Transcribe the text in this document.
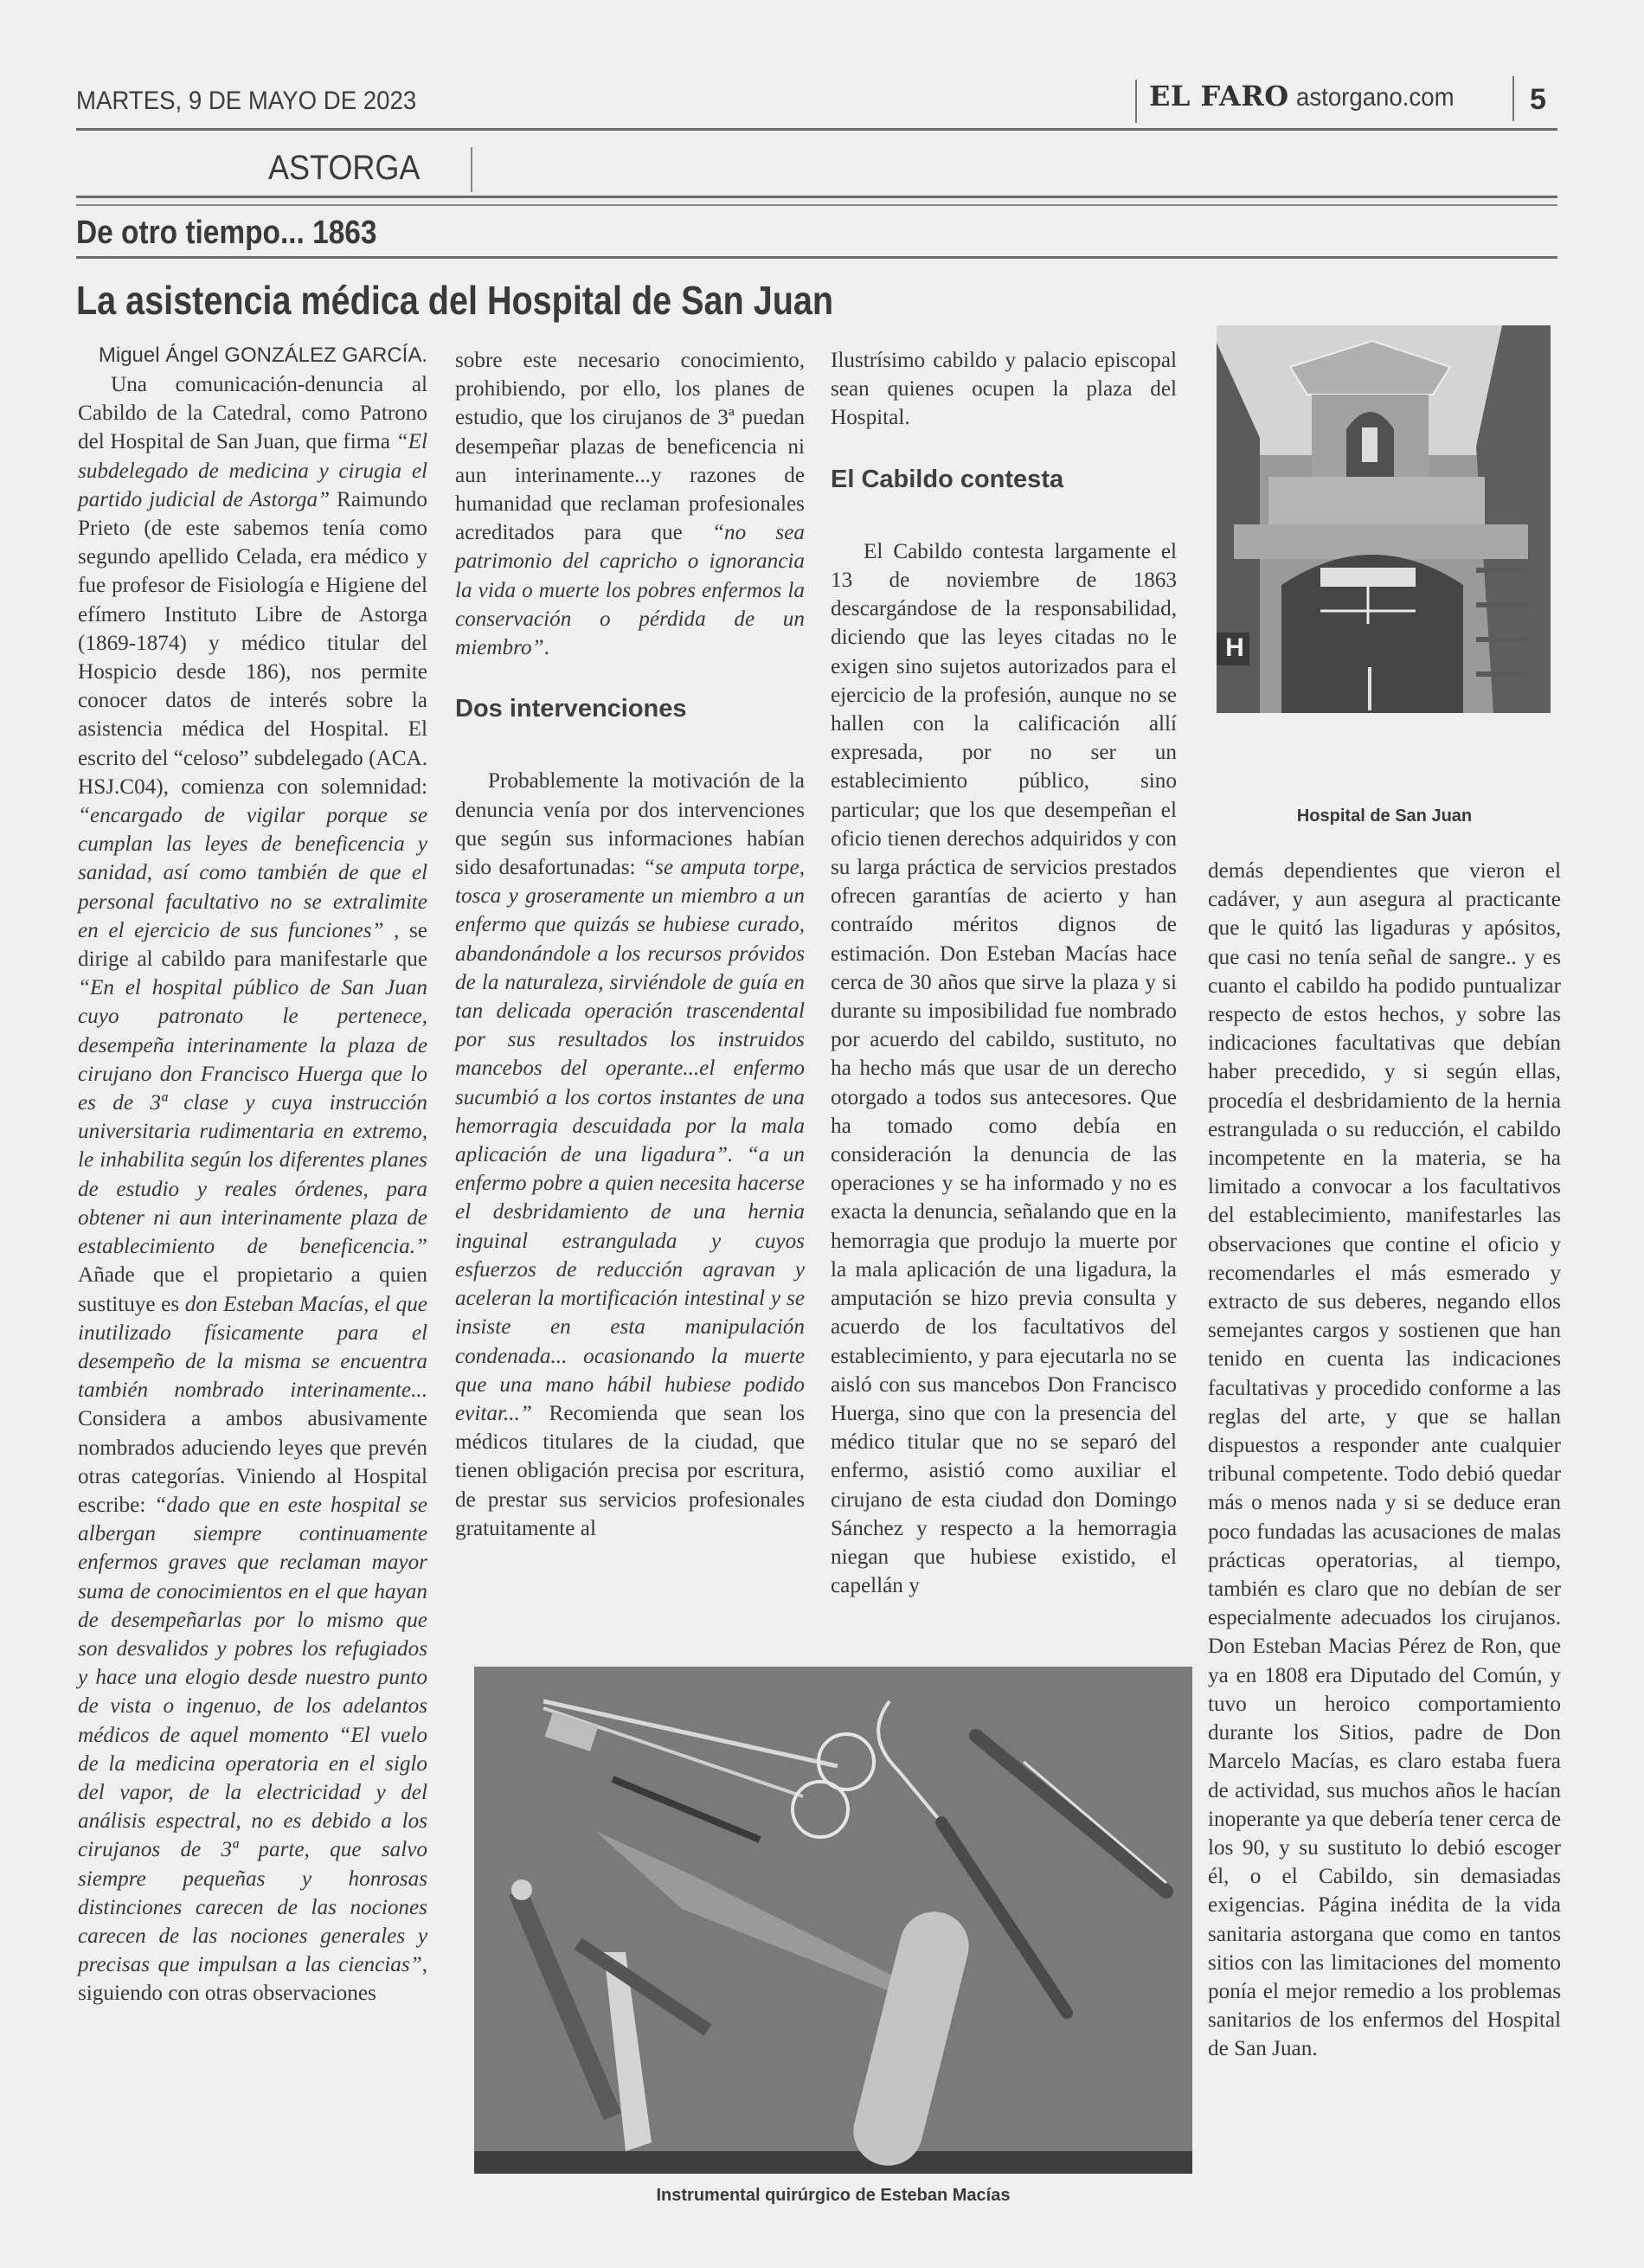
MARTES, 9 DE MAYO DE 2023	EL FARO astorgano.com	5
ASTORGA
De otro tiempo... 1863
La asistencia médica del Hospital de San Juan
Miguel Ángel GONZÁLEZ GARCÍA.

Una comunicación-denuncia al Cabildo de la Catedral, como Patrono del Hospital de San Juan, que firma “El subdelegado de medicina y cirugia el partido judicial de Astorga” Raimundo Prieto (de este sabemos tenía como segundo apellido Celada, era médico y fue profesor de Fisiología e Higiene del efímero Instituto Libre de Astorga (1869-1874) y médico titular del Hospicio desde 186), nos permite conocer datos de interés sobre la asistencia médica del Hospital. El escrito del “celoso” subdelegado (ACA. HSJ.C04), comienza con solemnidad: “encargado de vigilar porque se cumplan las leyes de beneficencia y sanidad, así como también de que el personal facultativo no se extralimite en el ejercicio de sus funciones” , se dirige al cabildo para manifestarle que “En el hospital público de San Juan cuyo patronato le pertenece, desempeña interinamente la plaza de cirujano don Francisco Huerga que lo es de 3ª clase y cuya instrucción universitaria rudimentaria en extremo, le inhabilita según los diferentes planes de estudio y reales órdenes, para obtener ni aun interinamente plaza de establecimiento de beneficencia.” Añade que el propietario a quien sustituye es don Esteban Macías, el que inutilizado físicamente para el desempeño de la misma se encuentra también nombrado interinamente... Considera a ambos abusivamente nombrados aduciendo leyes que prevén otras categorías. Viniendo al Hospital escribe: “dado que en este hospital se albergan siempre continuamente enfermos graves que reclaman mayor suma de conocimientos en el que hayan de desempeñarlas por lo mismo que son desvalidos y pobres los refugiados y hace una elogio desde nuestro punto de vista o ingenuo, de los adelantos médicos de aquel momento “El vuelo de la medicina operatoria en el siglo del vapor, de la electricidad y del análisis espectral, no es debido a los cirujanos de 3ª parte, que salvo siempre pequeñas y honrosas distinciones carecen de las nociones carecen de las nociones generales y precisas que impulsan a las ciencias”, siguiendo con otras observaciones

sobre este necesario conocimiento, prohibiendo, por ello, los planes de estudio, que los cirujanos de 3ª puedan desempeñar plazas de beneficencia ni aun interinamente...y razones de humanidad que reclaman profesionales acreditados para que “no sea patrimonio del capricho o ignorancia la vida o muerte los pobres enfermos la conservación o pérdida de un miembro”.

Dos intervenciones

Probablemente la motivación de la denuncia venía por dos intervenciones que según sus informaciones habían sido desafortunadas: “se amputa torpe, tosca y groseramente un miembro a un enfermo que quizás se hubiese curado, abandonándole a los recursos próvidos de la naturaleza, sirviéndole de guía en tan delicada operación trascendental por sus resultados los instruidos mancebos del operante...el enfermo sucumbió a los cortos instantes de una hemorragia descuidada por la mala aplicación de una ligadura”. “a un enfermo pobre a quien necesita hacerse el desbridamiento de una hernia inguinal estrangulada y cuyos esfuerzos de reducción agravan y aceleran la mortificación intestinal y se insiste en esta manipulación condenada... ocasionando la muerte que una mano hábil hubiese podido evitar...” Recomienda que sean los médicos titulares de la ciudad, que tienen obligación precisa por escritura, de prestar sus servicios profesionales gratuitamente al

Ilustrísimo cabildo y palacio episcopal sean quienes ocupen la plaza del Hospital.

El Cabildo contesta

El Cabildo contesta largamente el 13 de noviembre de 1863 descargándose de la responsabilidad, diciendo que las leyes citadas no le exigen sino sujetos autorizados para el ejercicio de la profesión, aunque no se hallen con la calificación allí expresada, por no ser un establecimiento público, sino particular; que los que desempeñan el oficio tienen derechos adquiridos y con su larga práctica de servicios prestados ofrecen garantías de acierto y han contraído méritos dignos de estimación. Don Esteban Macías hace cerca de 30 años que sirve la plaza y si durante su imposibilidad fue nombrado por acuerdo del cabildo, sustituto, no ha hecho más que usar de un derecho otorgado a todos sus antecesores. Que ha tomado como debía en consideración la denuncia de las operaciones y se ha informado y no es exacta la denuncia, señalando que en la hemorragia que produjo la muerte por la mala aplicación de una ligadura, la amputación se hizo previa consulta y acuerdo de los facultativos del establecimiento, y para ejecutarla no se aisló con sus mancebos Don Francisco Huerga, sino que con la presencia del médico titular que no se separó del enfermo, asistió como auxiliar el cirujano de esta ciudad don Domingo Sánchez y respecto a la hemorragia niegan que hubiese existido, el capellán y

H
Hospital de San Juan

demás dependientes que vieron el cadáver, y aun asegura al practicante que le quitó las ligaduras y apósitos, que casi no tenía señal de sangre.. y es cuanto el cabildo ha podido puntualizar respecto de estos hechos, y sobre las indicaciones facultativas que debían haber precedido, y si según ellas, procedía el desbridamiento de la hernia estrangulada o su reducción, el cabildo incompetente en la materia, se ha limitado a convocar a los facultativos del establecimiento, manifestarles las observaciones que contine el oficio y recomendarles el más esmerado y extracto de sus deberes, negando ellos semejantes cargos y sostienen que han tenido en cuenta las indicaciones facultativas y procedido conforme a las reglas del arte, y que se hallan dispuestos a responder ante cualquier tribunal competente. Todo debió quedar más o menos nada y si se deduce eran poco fundadas las acusaciones de malas prácticas operatorias, al tiempo, también es claro que no debían de ser especialmente adecuados los cirujanos. Don Esteban Macias Pérez de Ron, que ya en 1808 era Diputado del Común, y tuvo un heroico comportamiento durante los Sitios, padre de Don Marcelo Macías, es claro estaba fuera de actividad, sus muchos años le hacían inoperante ya que debería tener cerca de los 90, y su sustituto lo debió escoger él, o el Cabildo, sin demasiadas exigencias. Página inédita de la vida sanitaria astorgana que como en tantos sitios con las limitaciones del momento ponía el mejor remedio a los problemas sanitarios de los enfermos del Hospital de San Juan.

Instrumental quirúrgico de Esteban Macías
